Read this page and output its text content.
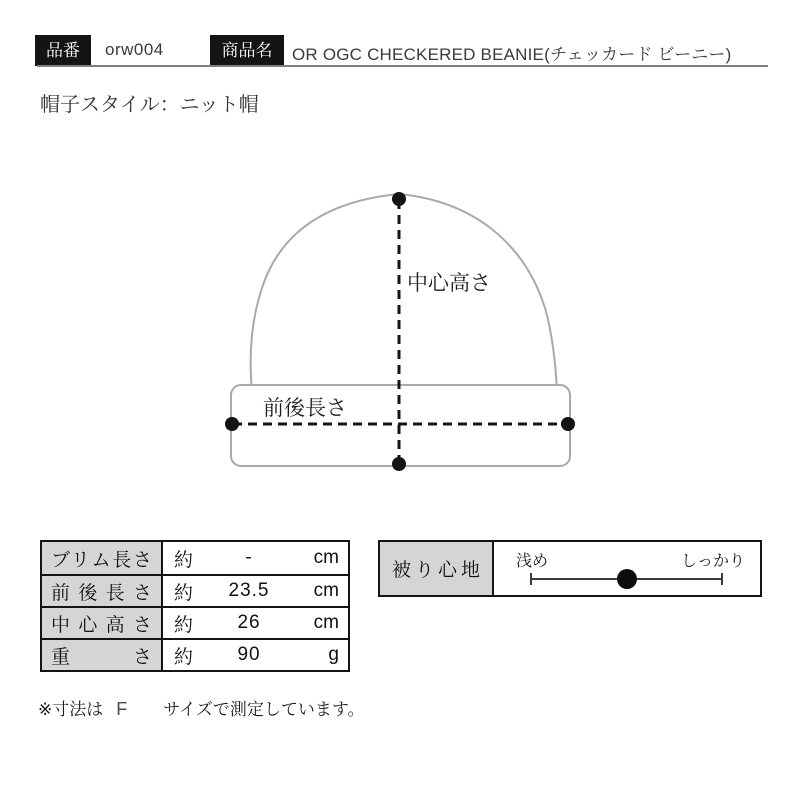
品番	orw004	商品名	OR OGC CHECKERED BEANIE(チェッカード ビーニー)
帽子スタイル：ニット帽
中心高さ
前後長さ
ブリム長さ 約	-	cm
前後長さ 約	23.5	cm
中心高さ 約	26	cm
重さ 約	90	g
被り心地 浅め	しっかり
※寸法は F サイズで測定しています。
